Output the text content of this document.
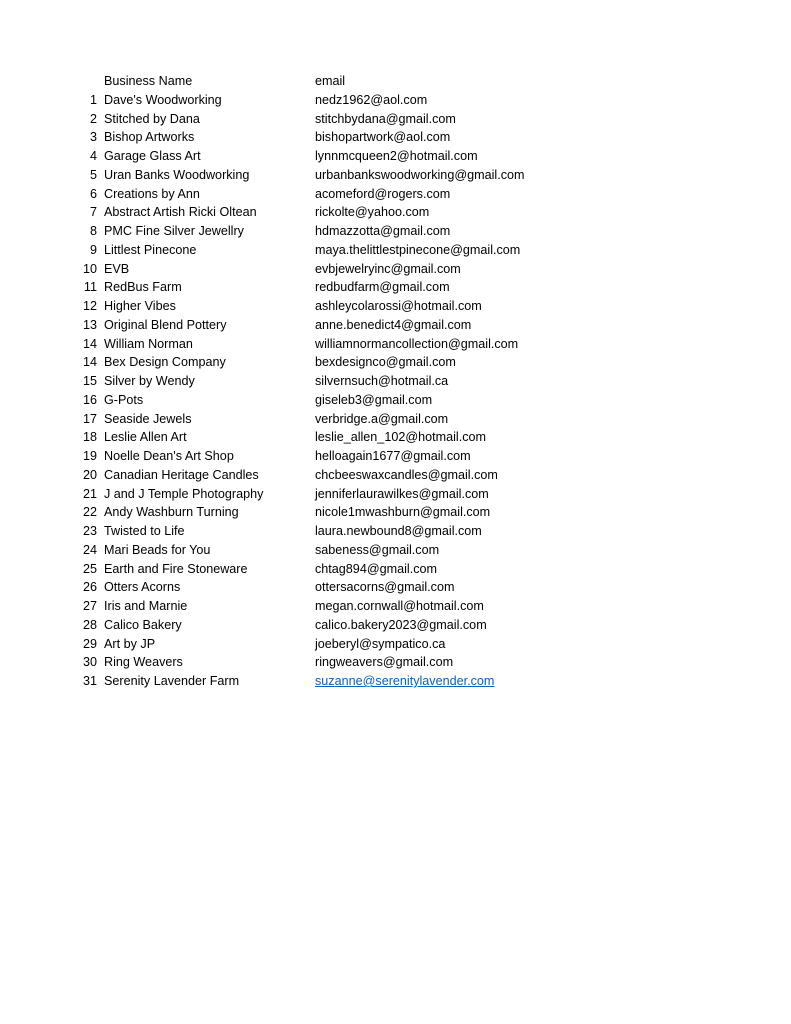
Business Name	email
1 Dave's Woodworking	nedz1962@aol.com
2 Stitched by Dana	stitchbydana@gmail.com
3 Bishop Artworks	bishopartwork@aol.com
4 Garage Glass Art	lynnmcqueen2@hotmail.com
5 Uran Banks Woodworking	urbanbankswoodworking@gmail.com
6 Creations by Ann	acomeford@rogers.com
7 Abstract Artish Ricki Oltean	rickolte@yahoo.com
8 PMC Fine Silver Jewellry	hdmazzotta@gmail.com
9 Littlest Pinecone	maya.thelittlestpinecone@gmail.com
10 EVB	evbjewelryinc@gmail.com
11 RedBus Farm	redbudfarm@gmail.com
12 Higher Vibes	ashleycolarossi@hotmail.com
13 Original Blend Pottery	anne.benedict4@gmail.com
14 William Norman	williamnormancollection@gmail.com
14 Bex Design Company	bexdesignco@gmail.com
15 Silver by Wendy	silvernsuch@hotmail.ca
16 G-Pots	giseleb3@gmail.com
17 Seaside Jewels	verbridge.a@gmail.com
18 Leslie Allen Art	leslie_allen_102@hotmail.com
19 Noelle Dean's Art Shop	helloagain1677@gmail.com
20 Canadian Heritage Candles	chcbeeswaxcandles@gmail.com
21 J and J Temple Photography	jenniferlaurawilkes@gmail.com
22 Andy Washburn Turning	nicole1mwashburn@gmail.com
23 Twisted to Life	laura.newbound8@gmail.com
24 Mari Beads for You	sabeness@gmail.com
25 Earth and Fire Stoneware	chtag894@gmail.com
26 Otters Acorns	ottersacorns@gmail.com
27 Iris and Marnie	megan.cornwall@hotmail.com
28 Calico Bakery	calico.bakery2023@gmail.com
29 Art by JP	joeberyl@sympatico.ca
30 Ring Weavers	ringweavers@gmail.com
31 Serenity Lavender Farm	suzanne@serenitylavender.com
